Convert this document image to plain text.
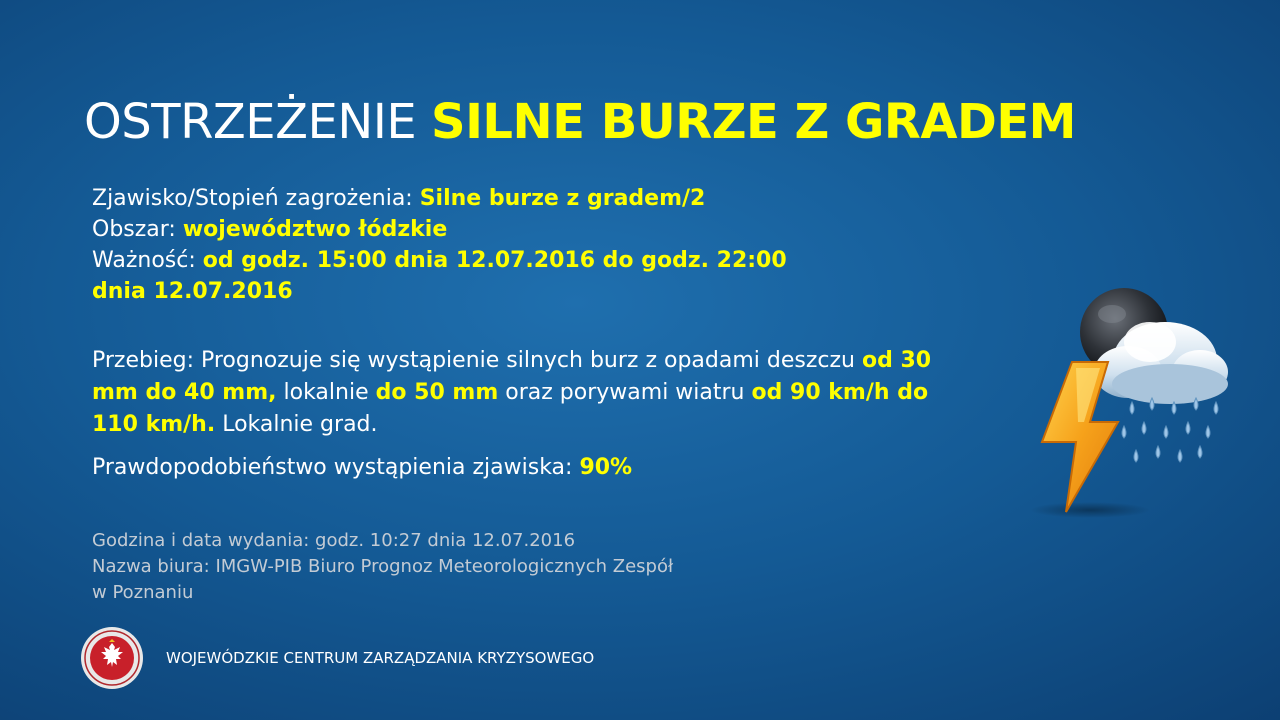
OSTRZEŻENIE SILNE BURZE Z GRADEM
Zjawisko/Stopień zagrożenia: Silne burze z gradem/2
Obszar: województwo łódzkie
Ważność: od godz. 15:00 dnia 12.07.2016 do godz. 22:00
dnia 12.07.2016

Przebieg: Prognozuje się wystąpienie silnych burz z opadami deszczu od 30 mm do 40 mm, lokalnie do 50 mm oraz porywami wiatru od 90 km/h do 110 km/h. Lokalnie grad.

Prawdopodobieństwo wystąpienia zjawiska: 90%
Godzina i data wydania: godz. 10:27 dnia 12.07.2016
Nazwa biura: IMGW-PIB Biuro Prognoz Meteorologicznych Zespół
w Poznaniu
WOJEWÓDZKIE CENTRUM ZARZĄDZANIA KRYZYSOWEGO
